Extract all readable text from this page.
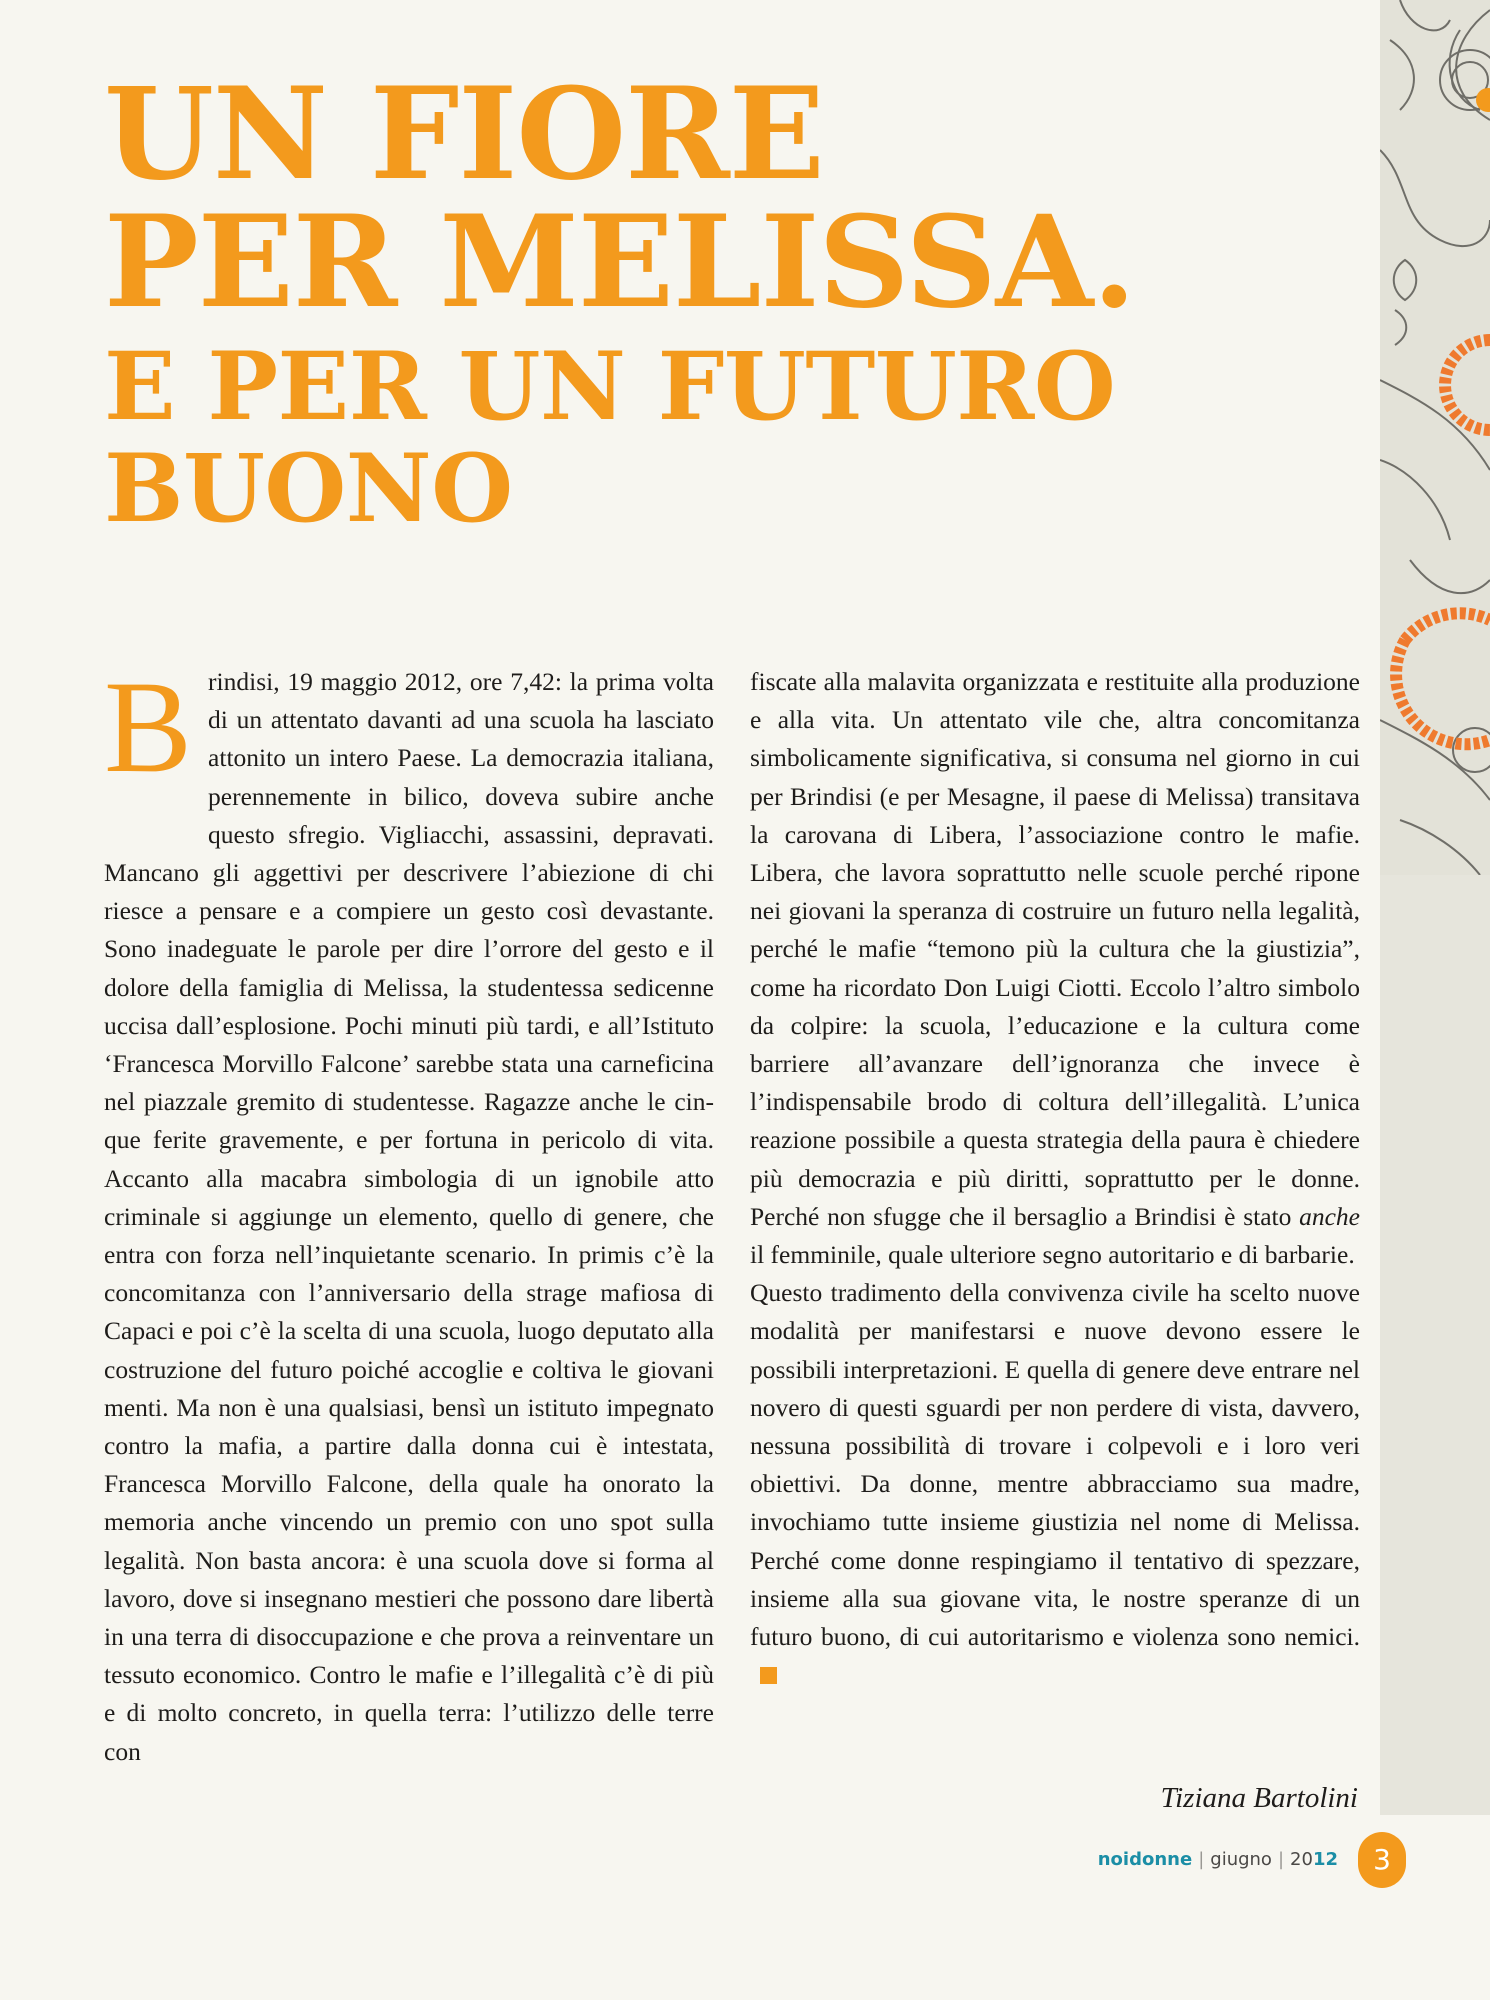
UN FIORE
PER MELISSA.
E PER UN FUTURO
BUONO
B rindisi, 19 maggio 2012, ore 7,42: la prima volta di un attentato davanti ad una scuola ha lasciato attonito un intero Paese. La democrazia italiana, perennemente in bilico, doveva subire anche questo sfregio. Vigliacchi, assassini, depravati. Mancano gli aggettivi per descrivere l’abiezione di chi riesce a pensare e a compiere un gesto così devastante. Sono inadeguate le parole per dire l’orrore del gesto e il dolore della famiglia di Melissa, la studentessa sedicenne uccisa dall’esplosione. Pochi minuti più tardi, e all’Istituto ‘Francesca Morvillo Falcone’ sarebbe stata una carneficina nel piazzale gremito di studentesse. Ragazze anche le cinque ferite gravemente, e per fortuna in pericolo di vita. Accanto alla macabra simbologia di un ignobile atto criminale si aggiunge un elemento, quello di genere, che entra con forza nell’inquietante scenario. In primis c’è la concomitanza con l’anniversario della strage mafiosa di Capaci e poi c’è la scelta di una scuola, luogo deputato alla costruzione del futuro poiché accoglie e coltiva le giovani menti. Ma non è una qualsiasi, bensì un istituto impegnato contro la mafia, a partire dalla donna cui è intestata, Francesca Morvillo Falcone, della quale ha onorato la memoria anche vincendo un premio con uno spot sulla legalità. Non basta ancora: è una scuola dove si forma al lavoro, dove si insegnano mestieri che possono dare libertà in una terra di disoccupazione e che prova a reinventare un tessuto economico. Contro le mafie e l’illegalità c’è di più e di molto concreto, in quella terra: l’utilizzo delle terre con

fiscate alla malavita organizzata e restituite alla produzione e alla vita. Un attentato vile che, altra concomitanza simbolicamente significativa, si consuma nel giorno in cui per Brindisi (e per Mesagne, il paese di Melissa) transitava la carovana di Libera, l’associazione contro le mafie. Libera, che lavora soprattutto nelle scuole perché ripone nei giovani la speranza di costruire un futuro nella legalità, perché le mafie “temono più la cultura che la giustizia”, come ha ricordato Don Luigi Ciotti. Eccolo l’altro simbolo da colpire: la scuola, l’educazione e la cultura come barriere all’avanzare dell’ignoranza che invece è l’indispensabile brodo di coltura dell’illegalità. L’unica reazione possibile a questa strategia della paura è chiedere più democrazia e più diritti, soprattutto per le donne. Perché non sfugge che il bersaglio a Brindisi è stato anche il femminile, quale ulteriore segno autoritario e di barbarie.

Questo tradimento della convivenza civile ha scelto nuove modalità per manifestarsi e nuove devono essere le possibili interpretazioni. E quella di genere deve entrare nel novero di questi sguardi per non perdere di vista, davvero, nessuna possibilità di trovare i colpevoli e i loro veri obiettivi. Da donne, mentre abbracciamo sua madre, invochiamo tutte insieme giustizia nel nome di Melissa. Perché come donne respingiamo il tentativo di spezzare, insieme alla sua giovane vita, le nostre speranze di un futuro buono, di cui autoritarismo e violenza sono nemici.

Tiziana Bartolini
noidonne | giugno | 2012	3
